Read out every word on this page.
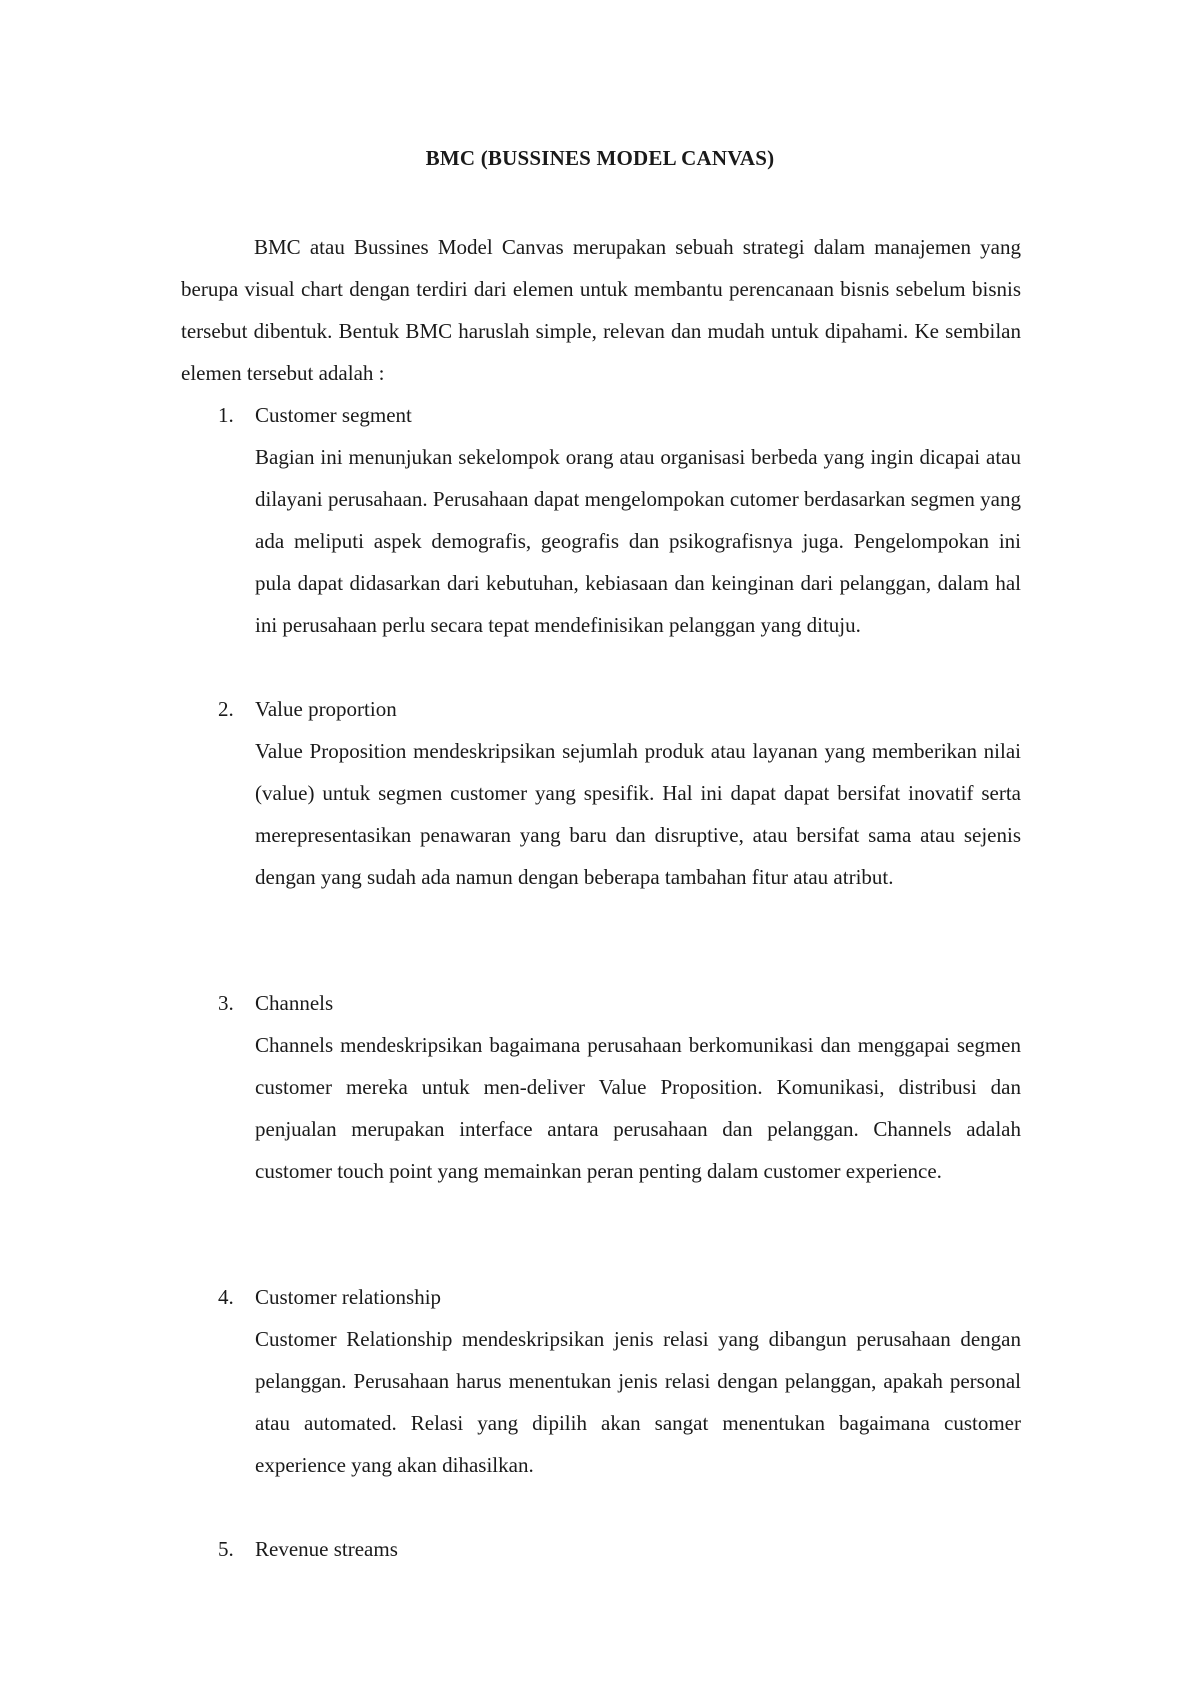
BMC (BUSSINES MODEL CANVAS)

BMC atau Bussines Model Canvas merupakan sebuah strategi dalam manajemen yang berupa visual chart dengan terdiri dari elemen untuk membantu perencanaan bisnis sebelum bisnis tersebut dibentuk. Bentuk BMC haruslah simple, relevan dan mudah untuk dipahami. Ke sembilan elemen tersebut adalah :

1.	Customer segment

Bagian ini menunjukan sekelompok orang atau organisasi berbeda yang ingin dicapai atau dilayani perusahaan. Perusahaan dapat mengelompokan cutomer berdasarkan segmen yang ada meliputi aspek demografis, geografis dan psikografisnya juga. Pengelompokan ini pula dapat didasarkan dari kebutuhan, kebiasaan dan keinginan dari pelanggan, dalam hal ini perusahaan perlu secara tepat mendefinisikan pelanggan yang dituju.

2.	Value proportion

Value Proposition mendeskripsikan sejumlah produk atau layanan yang memberikan nilai (value) untuk segmen customer yang spesifik. Hal ini dapat dapat bersifat inovatif serta merepresentasikan penawaran yang baru dan disruptive, atau bersifat sama atau sejenis dengan yang sudah ada namun dengan beberapa tambahan fitur atau atribut.

3.	Channels

Channels mendeskripsikan bagaimana perusahaan berkomunikasi dan menggapai segmen customer mereka untuk men-deliver Value Proposition. Komunikasi, distribusi dan penjualan merupakan interface antara perusahaan dan pelanggan. Channels adalah customer touch point yang memainkan peran penting dalam customer experience.

4.	Customer relationship

Customer Relationship mendeskripsikan jenis relasi yang dibangun perusahaan dengan pelanggan. Perusahaan harus menentukan jenis relasi dengan pelanggan, apakah personal atau automated. Relasi yang dipilih akan sangat menentukan bagaimana customer experience yang akan dihasilkan.

5.	Revenue streams
